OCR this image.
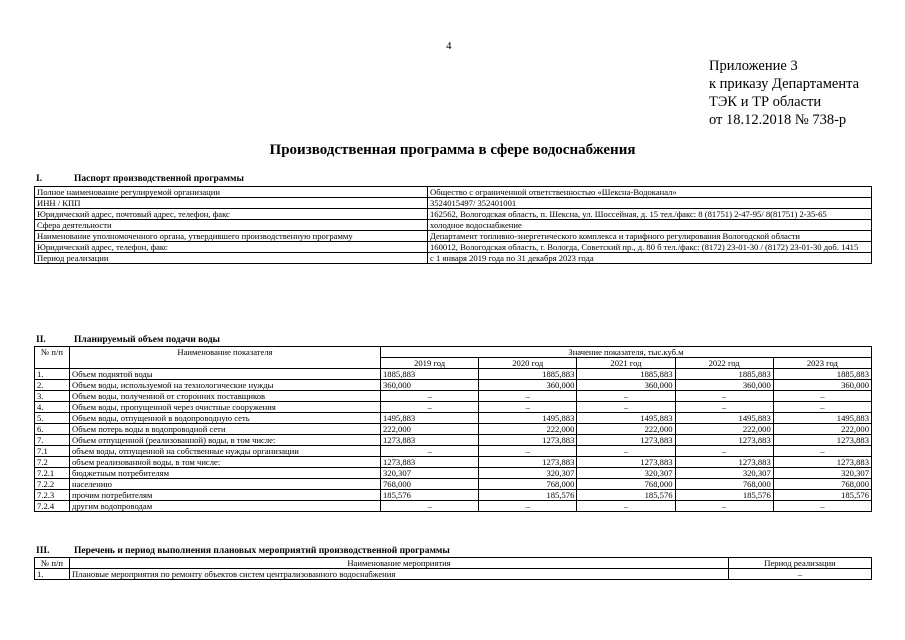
4
Приложение 3
к приказу Департамента
ТЭК и ТР области
от 18.12.2018 № 738-р
Производственная программа в сфере водоснабжения
I.	Паспорт производственной программы
Полное наименование регулируемой организации	Общество с ограниченной ответственностью «Шексна-Водоканал»
ИНН / КПП	3524015497/ 352401001
Юридический адрес, почтовый адрес, телефон, факс	162562, Вологодская область, п. Шексна, ул. Шоссейная, д. 15 тел./факс: 8 (81751) 2-47-95/ 8(81751) 2-35-65
Сфера деятельности	холодное водоснабжение
Наименование уполномоченного органа, утвердившего производственную программу	Департамент топливно-энергетического комплекса и тарифного регулирования Вологодской области
Юридический адрес, телефон, факс	160012, Вологодская область, г. Вологда, Советский пр., д. 80 б тел./факс: (8172) 23-01-30 / (8172) 23-01-30 доб. 1415
Период реализации	с 1 января 2019 года по 31 декабря 2023 года
II.	Планируемый объем подачи воды
№ п/п	Наименование показателя	Значение показателя, тыс.куб.м				
		2019 год	2020 год	2021 год	2022 год	2023 год
1.	Объем поднятой воды	1885,883	1885,883	1885,883	1885,883	1885,883
2.	Объем воды, используемой на технологические нужды	360,000	360,000	360,000	360,000	360,000
3.	Объем воды, полученной от сторонних поставщиков	–	–	–	–	–
4.	Объем воды, пропущенной через очистные сооружения	–	–	–	–	–
5.	Объем воды, отпущенной в водопроводную сеть	1495,883	1495,883	1495,883	1495,883	1495,883
6.	Объем потерь воды в водопроводной сети	222,000	222,000	222,000	222,000	222,000
7.	Объем отпущенной (реализованной) воды, в том числе:	1273,883	1273,883	1273,883	1273,883	1273,883
7.1	объем воды, отпущенной на собственные нужды организации	–	–	–	–	–
7.2	объем реализованной воды, в том числе:	1273,883	1273,883	1273,883	1273,883	1273,883
7.2.1	бюджетным потребителям	320,307	320,307	320,307	320,307	320,307
7.2.2	населению	768,000	768,000	768,000	768,000	768,000
7.2.3	прочим потребителям	185,576	185,576	185,576	185,576	185,576
7.2.4	другим водопроводам	–	–	–	–	–
III.	Перечень и период выполнения плановых мероприятий производственной программы
№ п/п	Наименование мероприятия	Период реализации
1.	Плановые мероприятия по ремонту объектов систем централизованного водоснабжения	–
